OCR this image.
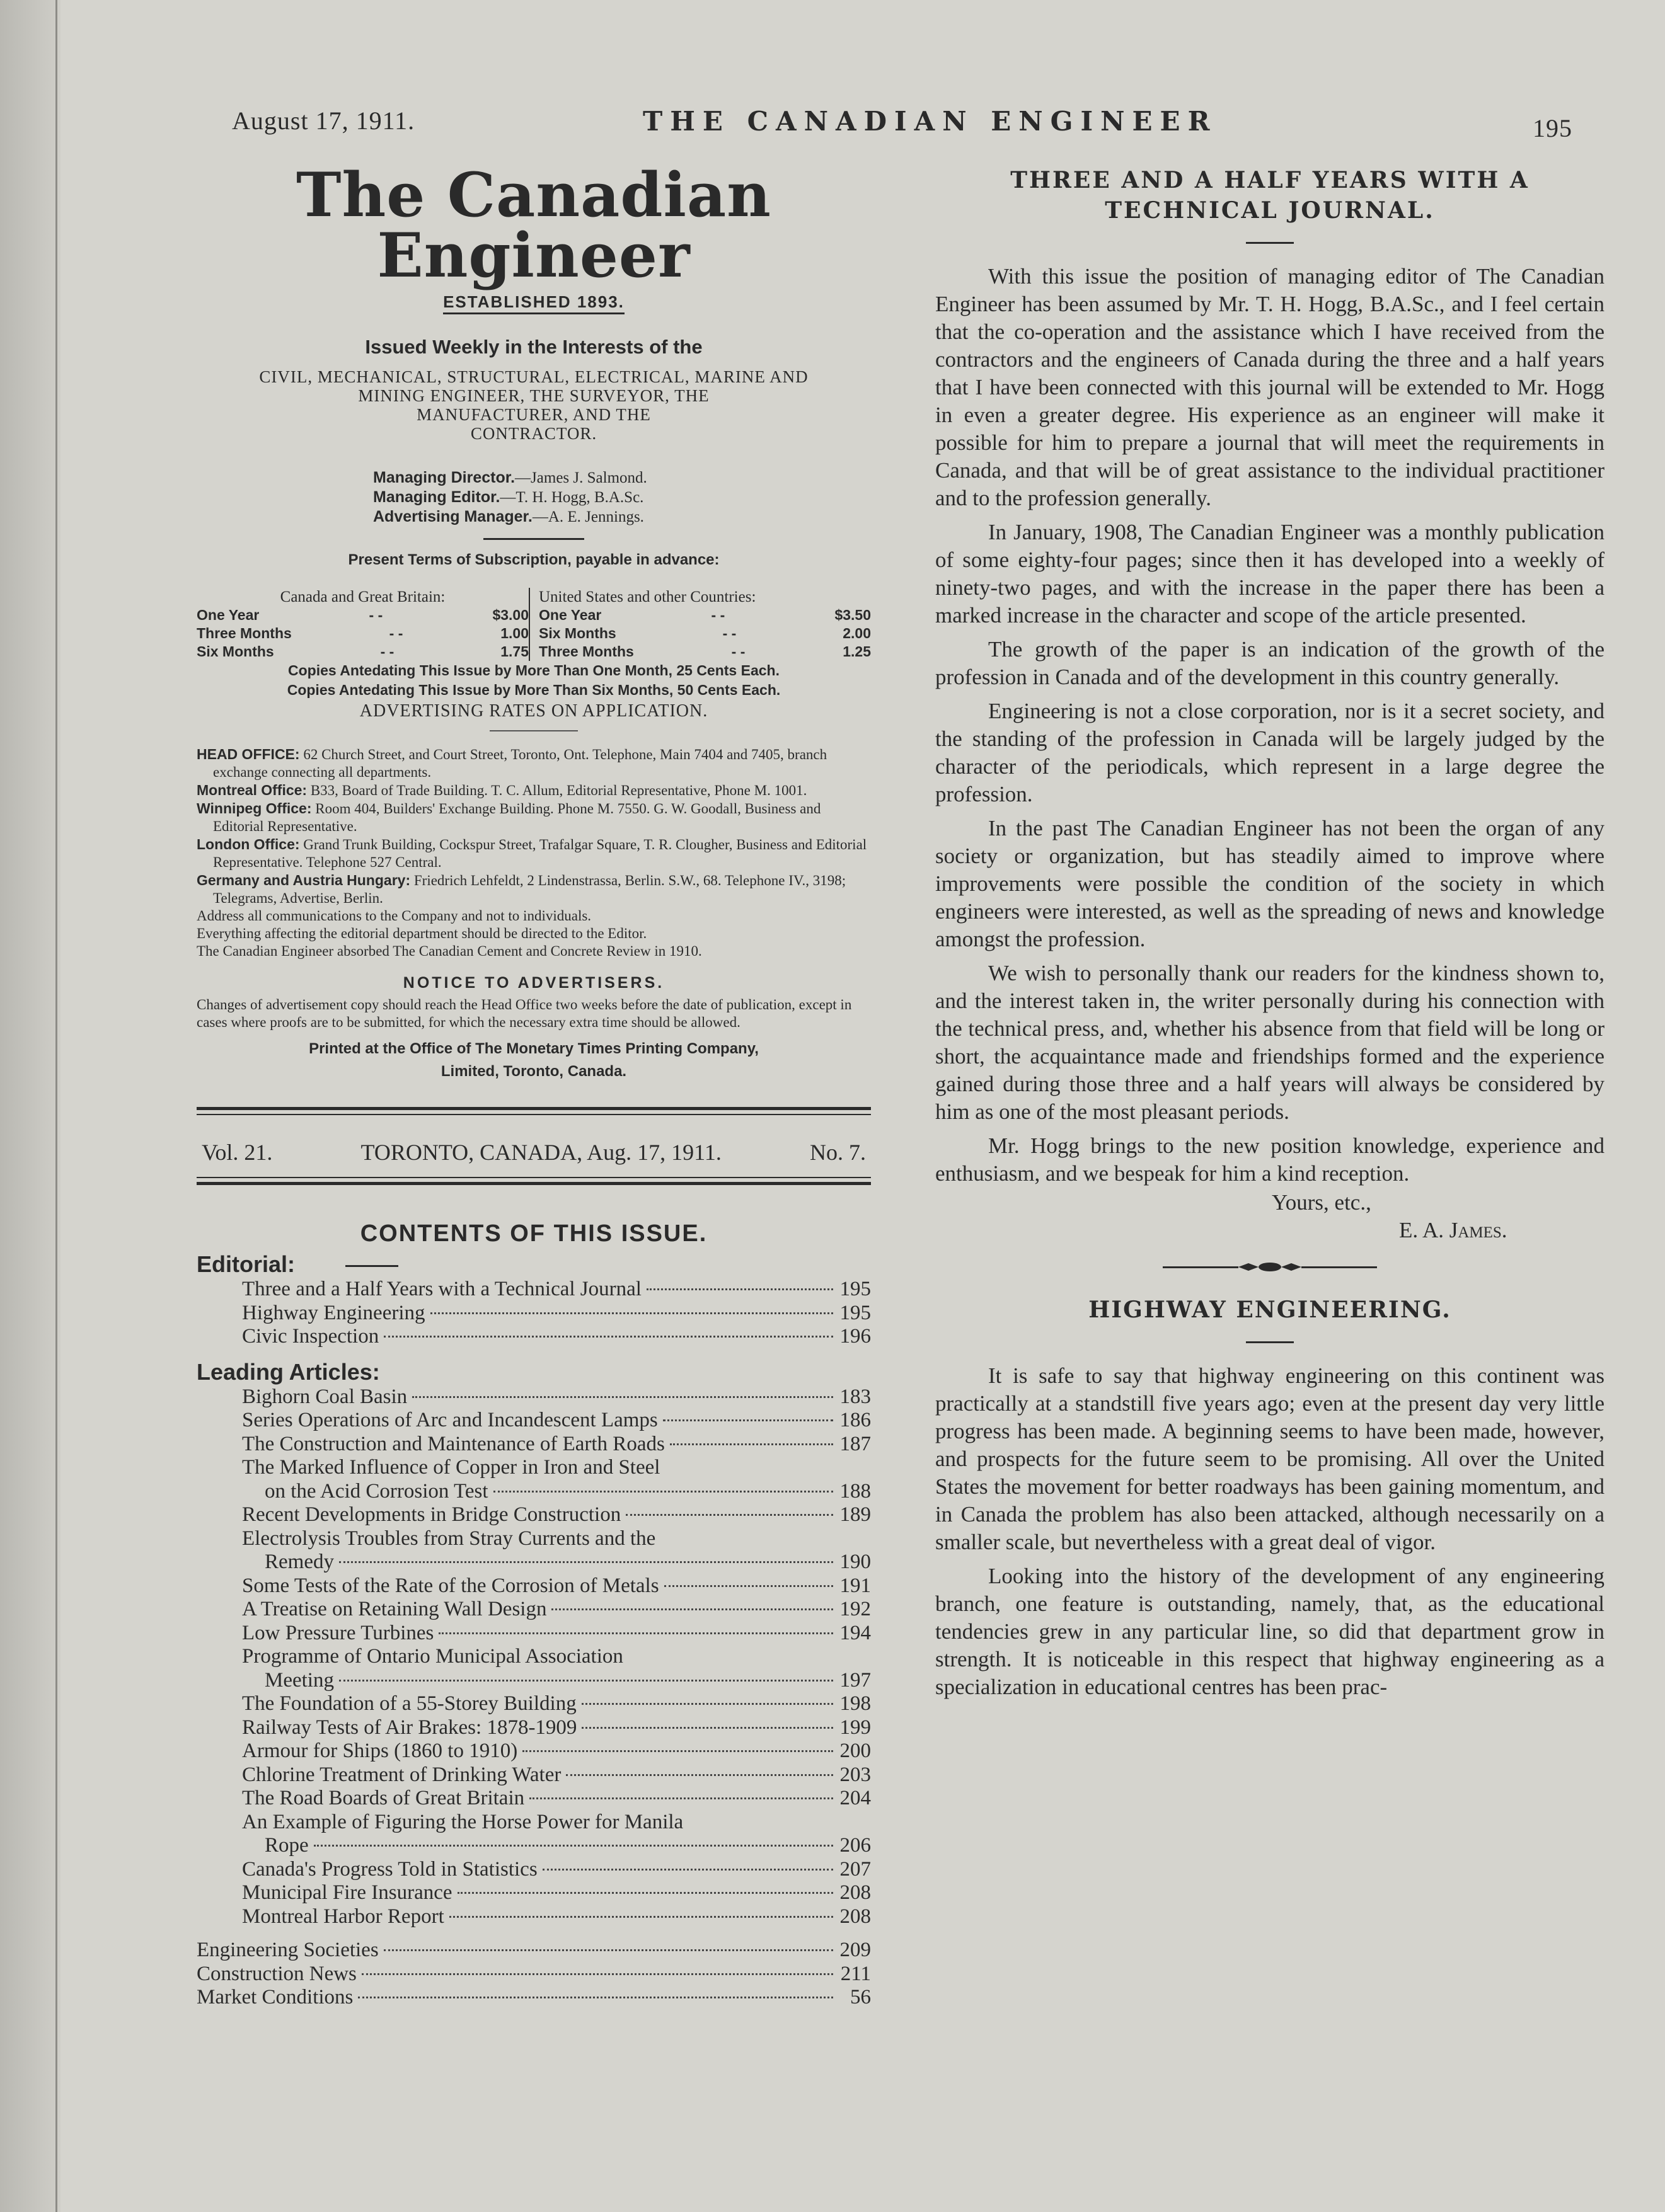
August 17, 1911.	THE CANADIAN ENGINEER	195
The Canadian Engineer
ESTABLISHED 1893.
Issued Weekly in the Interests of the
CIVIL, MECHANICAL, STRUCTURAL, ELECTRICAL, MARINE AND
MINING ENGINEER, THE SURVEYOR, THE
MANUFACTURER, AND THE
CONTRACTOR.
Managing Director.—James J. Salmond.
Managing Editor.—T. H. Hogg, B.A.Sc.
Advertising Manager.—A. E. Jennings.
Present Terms of Subscription, payable in advance:
Canada and Great Britain:
One Year	- -	$3.00
Three Months	- -	1.00
Six Months	- -	1.75
United States and other Countries:
One Year	- -	$3.50
Six Months	- -	2.00
Three Months	- -	1.25
Copies Antedating This Issue by More Than One Month, 25 Cents Each.
Copies Antedating This Issue by More Than Six Months, 50 Cents Each.
ADVERTISING RATES ON APPLICATION.

HEAD OFFICE: 62 Church Street, and Court Street, Toronto, Ont. Telephone, Main 7404 and 7405, branch exchange connecting all departments.

Montreal Office: B33, Board of Trade Building. T. C. Allum, Editorial Representative, Phone M. 1001.

Winnipeg Office: Room 404, Builders' Exchange Building. Phone M. 7550. G. W. Goodall, Business and Editorial Representative.

London Office: Grand Trunk Building, Cockspur Street, Trafalgar Square, T. R. Clougher, Business and Editorial Representative. Telephone 527 Central.

Germany and Austria Hungary: Friedrich Lehfeldt, 2 Lindenstrassa, Berlin. S.W., 68. Telephone IV., 3198; Telegrams, Advertise, Berlin.

Address all communications to the Company and not to individuals.

Everything affecting the editorial department should be directed to the Editor.

The Canadian Engineer absorbed The Canadian Cement and Concrete Review in 1910.

NOTICE TO ADVERTISERS.
Changes of advertisement copy should reach the Head Office two weeks before the date of publication, except in cases where proofs are to be submitted, for which the necessary extra time should be allowed.
Printed at the Office of The Monetary Times Printing Company,
Limited, Toronto, Canada.
Vol. 21.	TORONTO, CANADA, Aug. 17, 1911.	No. 7.
CONTENTS OF THIS ISSUE.
Editorial:
Three and a Half Years with a Technical Journal	195
Highway Engineering	195
Civic Inspection	196
Leading Articles:
Bighorn Coal Basin	183
Series Operations of Arc and Incandescent Lamps	186
The Construction and Maintenance of Earth Roads	187
The Marked Influence of Copper in Iron and Steel
on the Acid Corrosion Test	188
Recent Developments in Bridge Construction	189
Electrolysis Troubles from Stray Currents and the
Remedy	190
Some Tests of the Rate of the Corrosion of Metals	191
A Treatise on Retaining Wall Design	192
Low Pressure Turbines	194
Programme of Ontario Municipal Association
Meeting	197
The Foundation of a 55-Storey Building	198
Railway Tests of Air Brakes: 1878-1909	199
Armour for Ships (1860 to 1910)	200
Chlorine Treatment of Drinking Water	203
The Road Boards of Great Britain	204
An Example of Figuring the Horse Power for Manila
Rope	206
Canada's Progress Told in Statistics	207
Municipal Fire Insurance	208
Montreal Harbor Report	208
Engineering Societies	209
Construction News	211
Market Conditions	56
THREE AND A HALF YEARS WITH A
TECHNICAL JOURNAL.

With this issue the position of managing editor of The Canadian Engineer has been assumed by Mr. T. H. Hogg, B.A.Sc., and I feel certain that the co-operation and the assistance which I have received from the contractors and the engineers of Canada during the three and a half years that I have been connected with this journal will be extended to Mr. Hogg in even a greater degree. His experience as an engineer will make it possible for him to prepare a journal that will meet the requirements in Canada, and that will be of great assistance to the individual practitioner and to the profession generally.

In January, 1908, The Canadian Engineer was a monthly publication of some eighty-four pages; since then it has developed into a weekly of ninety-two pages, and with the increase in the paper there has been a marked increase in the character and scope of the article presented.

The growth of the paper is an indication of the growth of the profession in Canada and of the development in this country generally.

Engineering is not a close corporation, nor is it a secret society, and the standing of the profession in Canada will be largely judged by the character of the periodicals, which represent in a large degree the profession.

In the past The Canadian Engineer has not been the organ of any society or organization, but has steadily aimed to improve where improvements were possible the condition of the society in which engineers were interested, as well as the spreading of news and knowledge amongst the profession.

We wish to personally thank our readers for the kindness shown to, and the interest taken in, the writer personally during his connection with the technical press, and, whether his absence from that field will be long or short, the acquaintance made and friendships formed and the experience gained during those three and a half years will always be considered by him as one of the most pleasant periods.

Mr. Hogg brings to the new position knowledge, experience and enthusiasm, and we bespeak for him a kind reception.

Yours, etc.,
E. A. James.
HIGHWAY ENGINEERING.

It is safe to say that highway engineering on this continent was practically at a standstill five years ago; even at the present day very little progress has been made. A beginning seems to have been made, however, and prospects for the future seem to be promising. All over the United States the movement for better roadways has been gaining momentum, and in Canada the problem has also been attacked, although necessarily on a smaller scale, but nevertheless with a great deal of vigor.

Looking into the history of the development of any engineering branch, one feature is outstanding, namely, that, as the educational tendencies grew in any particular line, so did that department grow in strength. It is noticeable in this respect that highway engineering as a specialization in educational centres has been prac-
